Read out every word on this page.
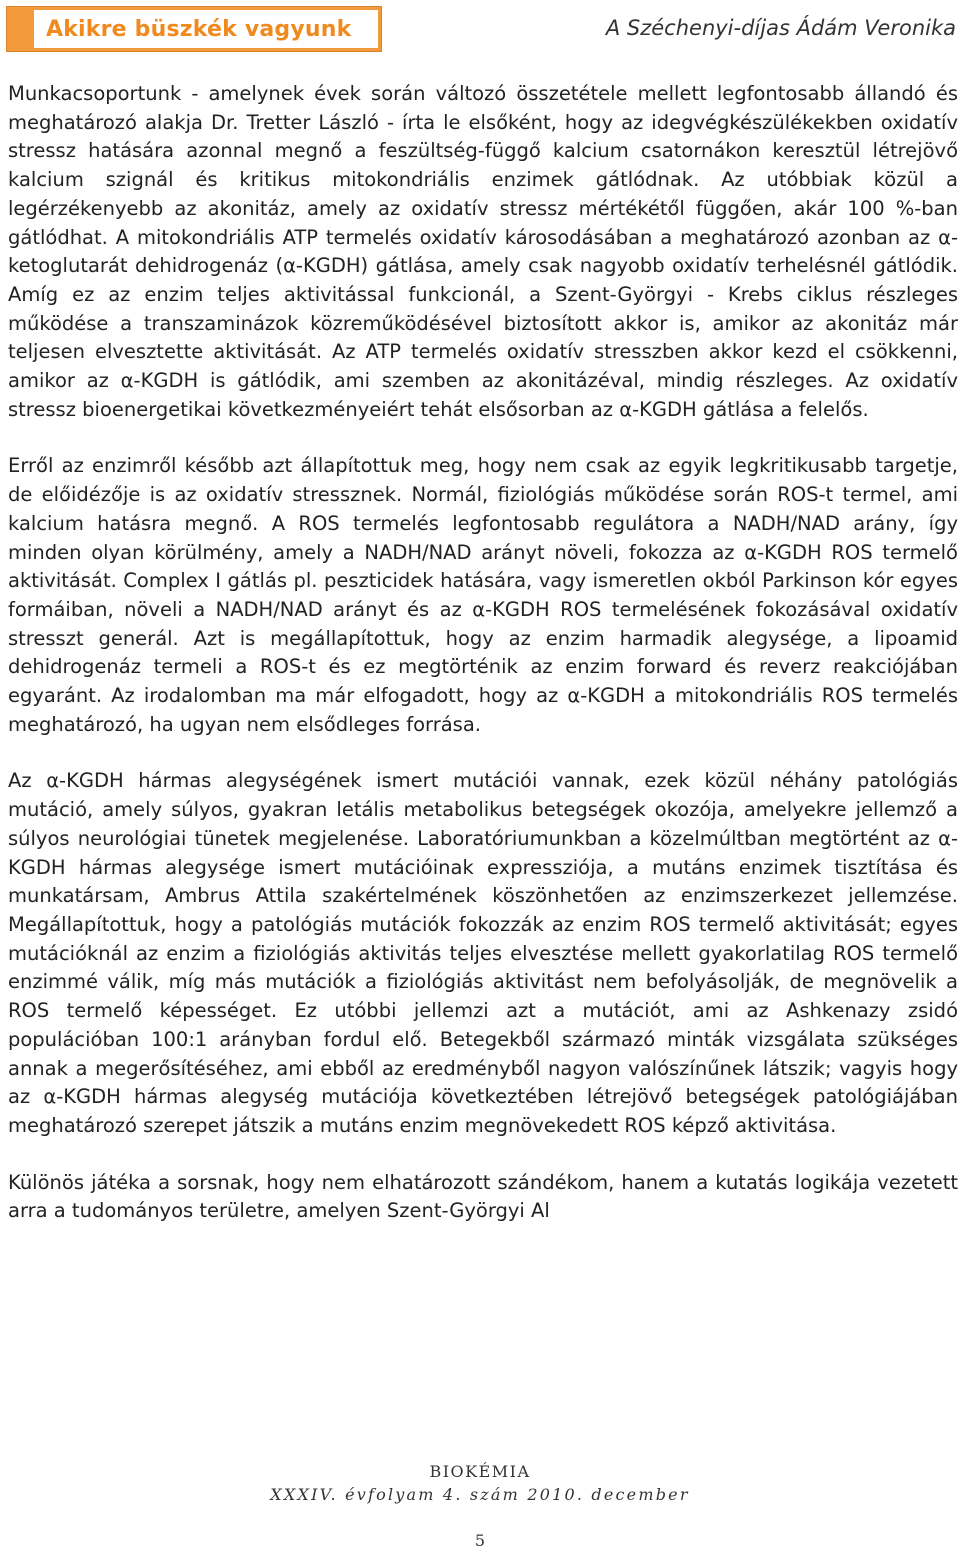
Akikre büszkék vagyunk	A Széchenyi-díjas Ádám Veronika

Munkacsoportunk - amelynek évek során változó összetétele mellett legfontosabb állandó és meghatározó alakja Dr. Tretter László - írta le elsőként, hogy az idegvégkészülékekben oxidatív stressz hatására azonnal megnő a feszültség-függő kalcium csatornákon keresztül létrejövő kalcium szignál és kritikus mitokondriális enzimek gátlódnak. Az utóbbiak közül a legérzékenyebb az akonitáz, amely az oxidatív stressz mértékétől függően, akár 100 %-ban gátlódhat. A mitokondriális ATP termelés oxidatív károsodásában a meghatározó azonban az α-ketoglutarát dehidrogenáz (α-KGDH) gátlása, amely csak nagyobb oxidatív terhelésnél gátlódik. Amíg ez az enzim teljes aktivitással funkcionál, a Szent-Györgyi - Krebs ciklus részleges működése a transzaminázok közreműködésével biztosított akkor is, amikor az akonitáz már teljesen elvesztette aktivitását. Az ATP termelés oxidatív stresszben akkor kezd el csökkenni, amikor az α-KGDH is gátlódik, ami szemben az akonitázéval, mindig részleges. Az oxidatív stressz bioenergetikai következményeiért tehát elsősorban az α-KGDH gátlása a felelős.

Erről az enzimről később azt állapítottuk meg, hogy nem csak az egyik legkritikusabb targetje, de előidézője is az oxidatív stressznek. Normál, fiziológiás működése során ROS-t termel, ami kalcium hatásra megnő. A ROS termelés legfontosabb regulátora a NADH/NAD arány, így minden olyan körülmény, amely a NADH/NAD arányt növeli, fokozza az α-KGDH ROS termelő aktivitását. Complex I gátlás pl. peszticidek hatására, vagy ismeretlen okból Parkinson kór egyes formáiban, növeli a NADH/NAD arányt és az α-KGDH ROS termelésének fokozásával oxidatív stresszt generál. Azt is megállapítottuk, hogy az enzim harmadik alegysége, a lipoamid dehidrogenáz termeli a ROS-t és ez megtörténik az enzim forward és reverz reakciójában egyaránt. Az irodalomban ma már elfogadott, hogy az α-KGDH a mitokondriális ROS termelés meghatározó, ha ugyan nem elsődleges forrása.

Az α-KGDH hármas alegységének ismert mutációi vannak, ezek közül néhány patológiás mutáció, amely súlyos, gyakran letális metabolikus betegségek okozója, amelyekre jellemző a súlyos neurológiai tünetek megjelenése. Laboratóriumunkban a közelmúltban megtörtént az α-KGDH hármas alegysége ismert mutációinak expressziója, a mutáns enzimek tisztítása és munkatársam, Ambrus Attila szakértelmének köszönhetően az enzimszerkezet jellemzése. Megállapítottuk, hogy a patológiás mutációk fokozzák az enzim ROS termelő aktivitását; egyes mutációknál az enzim a fiziológiás aktivitás teljes elvesztése mellett gyakorlatilag ROS termelő enzimmé válik, míg más mutációk a fiziológiás aktivitást nem befolyásolják, de megnövelik a ROS termelő képességet. Ez utóbbi jellemzi azt a mutációt, ami az Ashkenazy zsidó populációban 100:1 arányban fordul elő. Betegekből származó minták vizsgálata szükséges annak a megerősítéséhez, ami ebből az eredményből nagyon valószínűnek látszik; vagyis hogy az α-KGDH hármas alegység mutációja következtében létrejövő betegségek patológiájában meghatározó szerepet játszik a mutáns enzim megnövekedett ROS képző aktivitása.

Különös játéka a sorsnak, hogy nem elhatározott szándékom, hanem a kutatás logikája vezetett arra a tudományos területre, amelyen Szent-Györgyi Al

BIOKÉMIA
XXXIV. évfolyam 4. szám 2010. december
5
